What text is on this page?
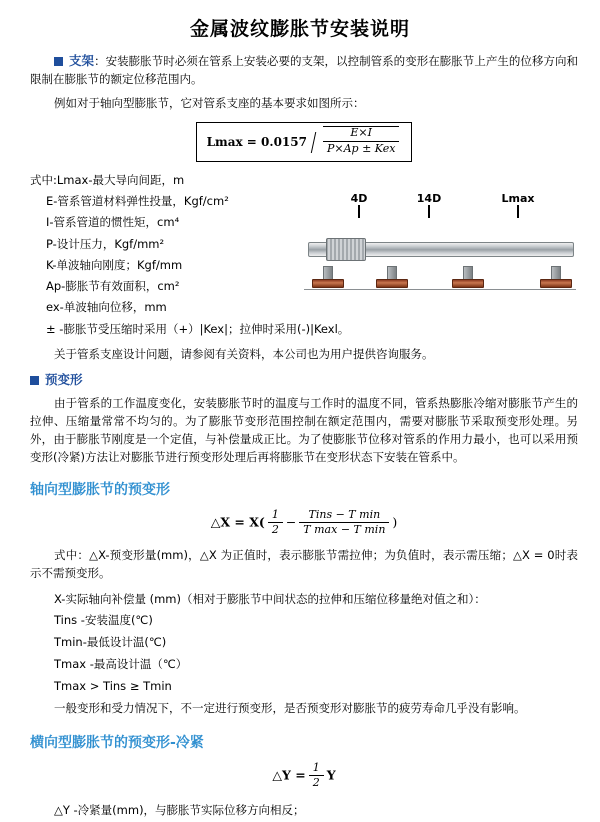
金属波纹膨胀节安装说明

支架：安装膨胀节时必须在管系上安装必要的支架，以控制管系的变形在膨胀节上产生的位移方向和限制在膨胀节的额定位移范围内。

例如对于轴向型膨胀节，它对管系支座的基本要求如图所示：

$Lmax = 0.0157 \frac{E\times I}{\text{P×Ap ± Kex}}$
式中:Lmax-最大导向间距，m
E-管系管道材料弹性投量，Kgf/cm²
I-管系管道的惯性矩，cm⁴
P-设计压力，Kgf/mm²
K-单波轴向刚度；Kgf/mm
Ap-膨胀节有效面积，cm²
ex-单波轴向位移，mm
± -膨胀节受压缩时采用（+）|Kex|；拉伸时采用(-)|Kexl。
4D	14D	Lmax

关于管系支座设计问题，请参阅有关资料，本公司也为用户提供咨询服务。

预变形

由于管系的工作温度变化，安装膨胀节时的温度与工作时的温度不同，管系热膨胀冷缩对膨胀节产生的拉伸、压缩量常常不均匀的。为了膨胀节变形范围控制在额定范围内，需要对膨胀节采取预变形处理。另外，由于膨胀节刚度是一个定值，与补偿量成正比。为了使膨胀节位移对管系的作用力最小，也可以采用预变形(冷紧)方法让对膨胀节进行预变形处理后再将膨胀节在变形状态下安装在管系中。

轴向型膨胀节的预变形
△X = $X( \frac{1}{2} - \frac{\text{Tins − T min}}{\text{T max − T min}}$ )

式中：△X-预变形量(mm)，△X 为正值时，表示膨胀节需拉伸；为负值时，表示需压缩；△X = 0时表示不需预变形。

X-实际轴向补偿量 (mm)（相对于膨胀节中间状态的拉伸和压缩位移量绝对值之和）：
Tins -安装温度(℃)
Tmin-最低设计温(℃)
Tmax -最高设计温（℃）
Tmax > Tins ≥ Tmin
一般变形和受力情况下，不一定进行预变形，是否预变形对膨胀节的疲劳寿命几乎没有影响。
横向型膨胀节的预变形-冷紧
△Y = $\frac{1}{2}$ Y
△Y -冷紧量(mm)，与膨胀节实际位移方向相反；
